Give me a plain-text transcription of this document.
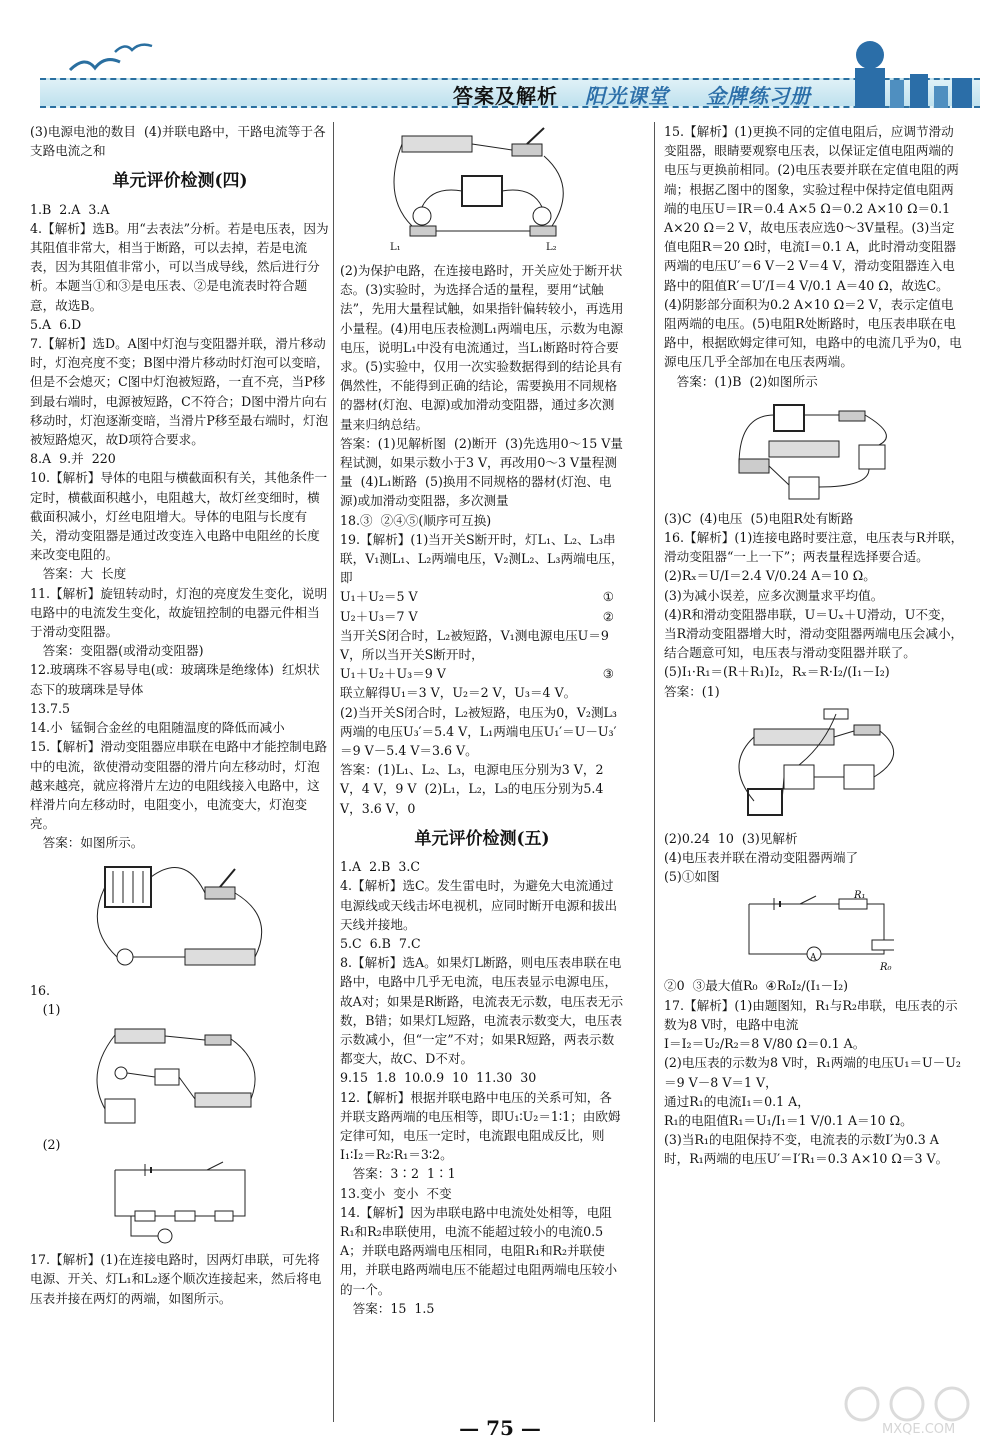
答案及解析 阳光课堂 金牌练习册

(3)电源电池的数目  (4)并联电路中，干路电流等于各支路电流之和

单元评价检测(四)

1.B  2.A  3.A

4.【解析】选B。用“去表法”分析。若是电压表，因为其阻值非常大，相当于断路，可以去掉，若是电流表，因为其阻值非常小，可以当成导线，然后进行分析。本题当①和③是电压表、②是电流表时符合题意，故选B。

5.A  6.D

7.【解析】选D。A图中灯泡与变阻器并联，滑片移动时，灯泡亮度不变；B图中滑片移动时灯泡可以变暗，但是不会熄灭；C图中灯泡被短路，一直不亮，当P移到最右端时，电源被短路，C不符合；D图中滑片向右移动时，灯泡逐渐变暗，当滑片P移至最右端时，灯泡被短路熄灭，故D项符合要求。

8.A  9.并  220

10.【解析】导体的电阻与横截面积有关，其他条件一定时，横截面积越小，电阻越大，故灯丝变细时，横截面积减小，灯丝电阻增大。导体的电阻与长度有关，滑动变阻器是通过改变连入电路中电阻丝的长度来改变电阻的。

答案：大  长度

11.【解析】旋钮转动时，灯泡的亮度发生变化，说明电路中的电流发生变化，故旋钮控制的电器元件相当于滑动变阻器。

答案：变阻器(或滑动变阻器)

12.玻璃珠不容易导电(或：玻璃珠是绝缘体)  红炽状态下的玻璃珠是导体

13.7.5

14.小  锰铜合金丝的电阻随温度的降低而减小

15.【解析】滑动变阻器应串联在电路中才能控制电路中的电流，欲使滑动变阻器的滑片向左移动时，灯泡越来越亮，就应将滑片左边的电阻线接入电路中，这样滑片向左移动时，电阻变小，电流变大，灯泡变亮。

答案：如图所示。

16.

(1)

(2)

17.【解析】(1)在连接电路时，因两灯串联，可先将电源、开关、灯L₁和L₂逐个顺次连接起来，然后将电压表并接在两灯的两端，如图所示。

L₁	L₂

(2)为保护电路，在连接电路时，开关应处于断开状态。(3)实验时，为选择合适的量程，要用“试触法”，先用大量程试触，如果指针偏转较小，再选用小量程。(4)用电压表检测L₁两端电压，示数为电源电压，说明L₁中没有电流通过，当L₁断路时符合要求。(5)实验中，仅用一次实验数据得到的结论具有偶然性，不能得到正确的结论，需要换用不同规格的器材(灯泡、电源)或加滑动变阻器，通过多次测量来归纳总结。

答案：(1)见解析图  (2)断开  (3)先选用0～15 V量程试测，如果示数小于3 V，再改用0～3 V量程测量  (4)L₁断路  (5)换用不同规格的器材(灯泡、电源)或加滑动变阻器，多次测量

18.③  ②④⑤(顺序可互换)

19.【解析】(1)当开关S断开时，灯L₁、L₂、L₃串联，V₁测L₁、L₂两端电压，V₂测L₂、L₃两端电压，即

U₁＋U₂＝5 V	①

U₂＋U₃＝7 V	②

当开关S闭合时，L₂被短路，V₁测电源电压U＝9 V，所以当开关S断开时，

U₁＋U₂＋U₃＝9 V	③

联立解得U₁＝3 V，U₂＝2 V，U₃＝4 V。

(2)当开关S闭合时，L₂被短路，电压为0，V₂测L₃两端的电压U₃′＝5.4 V，L₁两端电压U₁′＝U－U₃′＝9 V－5.4 V＝3.6 V。

答案：(1)L₁、L₂、L₃，电源电压分别为3 V，2 V，4 V，9 V  (2)L₁，L₂，L₃的电压分别为5.4 V，3.6 V，0

单元评价检测(五)

1.A  2.B  3.C

4.【解析】选C。发生雷电时，为避免大电流通过电源线或天线击坏电视机，应同时断开电源和拔出天线并接地。

5.C  6.B  7.C

8.【解析】选A。如果灯L断路，则电压表串联在电路中，电路中几乎无电流，电压表显示电源电压，故A对；如果是R断路，电流表无示数，电压表无示数，B错；如果灯L短路，电流表示数变大，电压表示数减小，但“一定”不对；如果R短路，两表示数都变大，故C、D不对。

9.15  1.8  10.0.9  10  11.30  30

12.【解析】根据并联电路中电压的关系可知，各并联支路两端的电压相等，即U₁∶U₂＝1∶1；由欧姆定律可知，电压一定时，电流跟电阻成反比，则I₁∶I₂＝R₂∶R₁＝3∶2。

答案：3∶2  1∶1

13.变小  变小  不变

14.【解析】因为串联电路中电流处处相等，电阻R₁和R₂串联使用，电流不能超过较小的电流0.5 A；并联电路两端电压相同，电阻R₁和R₂并联使用，并联电路两端电压不能超过电阻两端电压较小的一个。

答案：15  1.5

15.【解析】(1)更换不同的定值电阻后，应调节滑动变阻器，眼睛要观察电压表，以保证定值电阻两端的电压与更换前相同。(2)电压表要并联在定值电阻的两端；根据乙图中的图象，实验过程中保持定值电阻两端的电压U＝IR＝0.4 A×5 Ω＝0.2 A×10 Ω＝0.1 A×20 Ω＝2 V，故电压表应选0～3V量程。(3)当定值电阻R＝20 Ω时，电流I＝0.1 A，此时滑动变阻器两端的电压U′＝6 V－2 V＝4 V，滑动变阻器连入电路中的阻值R′＝U′/I＝4 V/0.1 A＝40 Ω，故选C。(4)阴影部分面积为0.2 A×10 Ω＝2 V，表示定值电阻两端的电压。(5)电阻R处断路时，电压表串联在电路中，根据欧姆定律可知，电路中的电流几乎为0，电源电压几乎全部加在电压表两端。

答案：(1)B  (2)如图所示

(3)C  (4)电压  (5)电阻R处有断路

16.【解析】(1)连接电路时要注意，电压表与R并联，滑动变阻器“一上一下”；两表量程选择要合适。

(2)Rₓ＝U/I＝2.4 V/0.24 A＝10 Ω。

(3)为减小误差，应多次测量求平均值。

(4)R和滑动变阻器串联，U＝Uₓ＋U滑动，U不变，当R滑动变阻器增大时，滑动变阻器两端电压会减小，结合题意可知，电压表与滑动变阻器并联了。

(5)I₁·R₁＝(R＋R₁)I₂，Rₓ＝R·I₂/(I₁－I₂)

答案：(1)

(2)0.24  10  (3)见解析

(4)电压表并联在滑动变阻器两端了

(5)①如图

R₁
A
R₀

②0  ③最大值R₀  ④R₀I₂/(I₁－I₂)

17.【解析】(1)由题图知，R₁与R₂串联，电压表的示数为8 V时，电路中电流

I＝I₂＝U₂/R₂＝8 V/80 Ω＝0.1 A。

(2)电压表的示数为8 V时，R₁两端的电压U₁＝U－U₂＝9 V－8 V＝1 V，

通过R₁的电流I₁＝0.1 A，

R₁的电阻值R₁＝U₁/I₁＝1 V/0.1 A＝10 Ω。

(3)当R₁的电阻保持不变，电流表的示数I′为0.3 A时，R₁两端的电压U′＝I′R₁＝0.3 A×10 Ω＝3 V。

— 75 —	MXQE.COM
